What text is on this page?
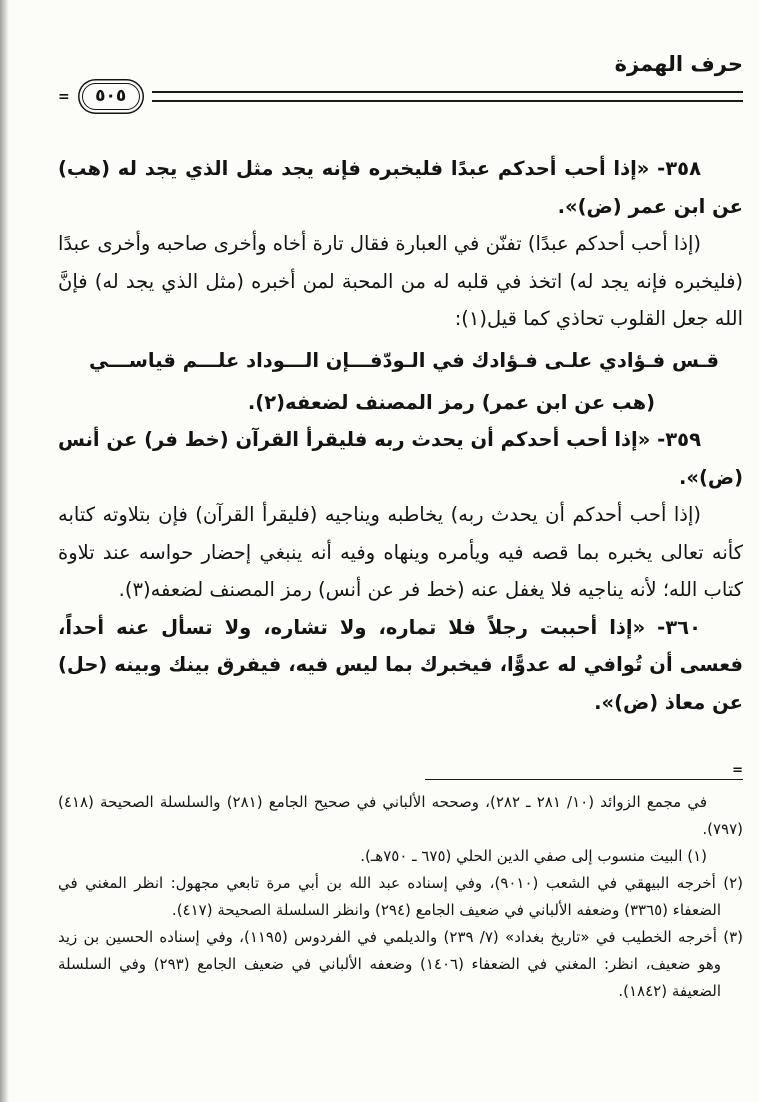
حرف الهمزة
=	٥٠٥

٣٥٨- «إذا أحب أحدكم عبدًا فليخبره فإنه يجد مثل الذي يجد له (هب) عن ابن عمر (ض)».

(إذا أحب أحدكم عبدًا) تفنّن في العبارة فقال تارة أخاه وأخرى صاحبه وأخرى عبدًا (فليخبره فإنه يجد له) اتخذ في قلبه له من المحبة لمن أخبره (مثل الذي يجد له) فإنَّ الله جعل القلوب تحاذي كما قيل(١):

قـس فـؤادي علـى فـؤادك في الـودّ
فـــإن الـــوداد علـــم قياســـي

(هب عن ابن عمر) رمز المصنف لضعفه(٢).

٣٥٩- «إذا أحب أحدكم أن يحدث ربه فليقرأ القرآن (خط فر) عن أنس (ض)».

(إذا أحب أحدكم أن يحدث ربه) يخاطبه ويناجيه (فليقرأ القرآن) فإن بتلاوته كتابه كأنه تعالى يخبره بما قصه فيه ويأمره وينهاه وفيه أنه ينبغي إحضار حواسه عند تلاوة كتاب الله؛ لأنه يناجيه فلا يغفل عنه (خط فر عن أنس) رمز المصنف لضعفه(٣).

٣٦٠- «إذا أحببت رجلاً فلا تماره، ولا تشاره، ولا تسأل عنه أحداً، فعسى أن تُوافي له عدوًّا، فيخبرك بما ليس فيه، فيفرق بينك وبينه (حل) عن معاذ (ض)».

=

في مجمع الزوائد (١٠/ ٢٨١ ـ ٢٨٢)، وصححه الألباني في صحيح الجامع (٢٨١) والسلسلة الصحيحة (٤١٨) (٧٩٧).

(١) البيت منسوب إلى صفي الدين الحلي (٦٧٥ ـ ٧٥٠هـ).

(٢) أخرجه البيهقي في الشعب (٩٠١٠)، وفي إسناده عبد الله بن أبي مرة تابعي مجهول: انظر المغني في الضعفاء (٣٣٦٥) وضعفه الألباني في ضعيف الجامع (٢٩٤) وانظر السلسلة الصحيحة (٤١٧).

(٣) أخرجه الخطيب في «تاريخ بغداد» (٧/ ٢٣٩) والديلمي في الفردوس (١١٩٥)، وفي إسناده الحسين بن زيد وهو ضعيف، انظر: المغني في الضعفاء (١٤٠٦) وضعفه الألباني في ضعيف الجامع (٢٩٣) وفي السلسلة الضعيفة (١٨٤٢).
